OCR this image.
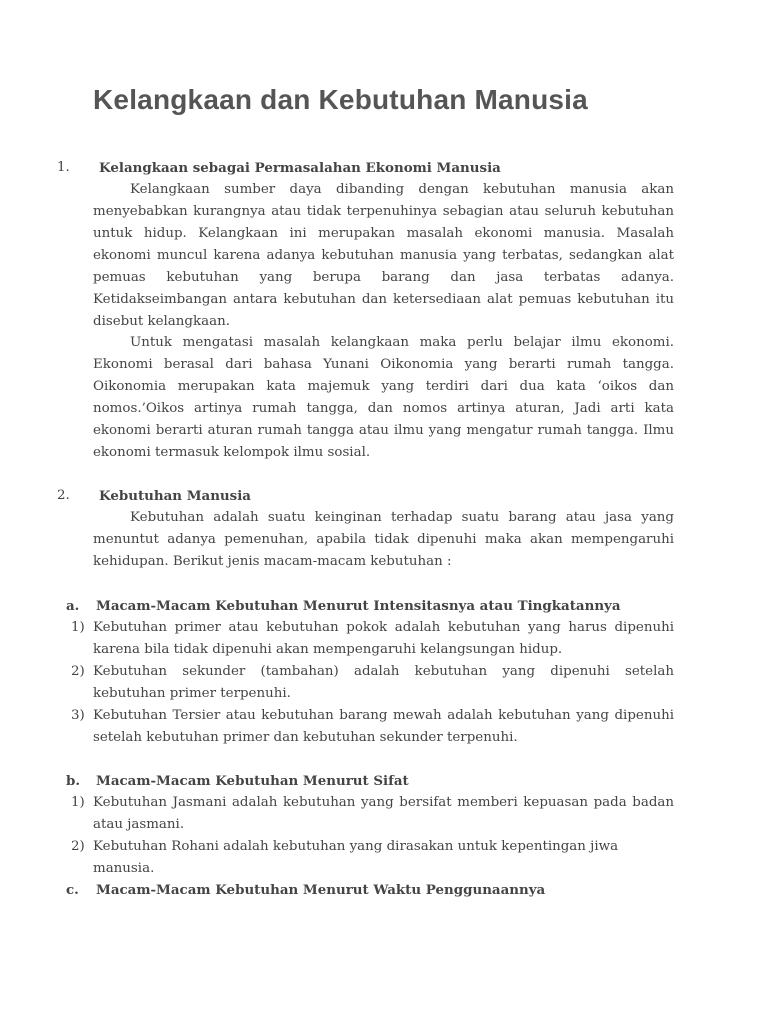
Kelangkaan dan Kebutuhan Manusia
1. Kelangkaan sebagai Permasalahan Ekonomi Manusia
Kelangkaan sumber daya dibanding dengan kebutuhan manusia akan menyebabkan kurangnya atau tidak terpenuhinya sebagian atau seluruh kebutuhan untuk hidup. Kelangkaan ini merupakan masalah ekonomi manusia. Masalah ekonomi muncul karena adanya kebutuhan manusia yang terbatas, sedangkan alat pemuas kebutuhan yang berupa barang dan jasa terbatas adanya. Ketidakseimbangan antara kebutuhan dan ketersediaan alat pemuas kebutuhan itu disebut kelangkaan.
Untuk mengatasi masalah kelangkaan maka perlu belajar ilmu ekonomi. Ekonomi berasal dari bahasa Yunani Oikonomia yang berarti rumah tangga. Oikonomia merupakan kata majemuk yang terdiri dari dua kata ‘oikos dan nomos.’Oikos artinya rumah tangga, dan nomos artinya aturan, Jadi arti kata ekonomi berarti aturan rumah tangga atau ilmu yang mengatur rumah tangga. Ilmu ekonomi termasuk kelompok ilmu sosial.
2. Kebutuhan Manusia
Kebutuhan adalah suatu keinginan terhadap suatu barang atau jasa yang menuntut adanya pemenuhan, apabila tidak dipenuhi maka akan mempengaruhi kehidupan. Berikut jenis macam-macam kebutuhan :
a. Macam-Macam Kebutuhan Menurut Intensitasnya atau Tingkatannya
1) Kebutuhan primer atau kebutuhan pokok adalah kebutuhan yang harus dipenuhi karena bila tidak dipenuhi akan mempengaruhi kelangsungan hidup.
2) Kebutuhan sekunder (tambahan) adalah kebutuhan yang dipenuhi setelah kebutuhan primer terpenuhi.
3) Kebutuhan Tersier atau kebutuhan barang mewah adalah kebutuhan yang dipenuhi setelah kebutuhan primer dan kebutuhan sekunder terpenuhi.
b. Macam-Macam Kebutuhan Menurut Sifat
1) Kebutuhan Jasmani adalah kebutuhan yang bersifat memberi kepuasan pada badan atau jasmani.
2) Kebutuhan Rohani adalah kebutuhan yang dirasakan untuk kepentingan jiwa manusia.
c. Macam-Macam Kebutuhan Menurut Waktu Penggunaannya
